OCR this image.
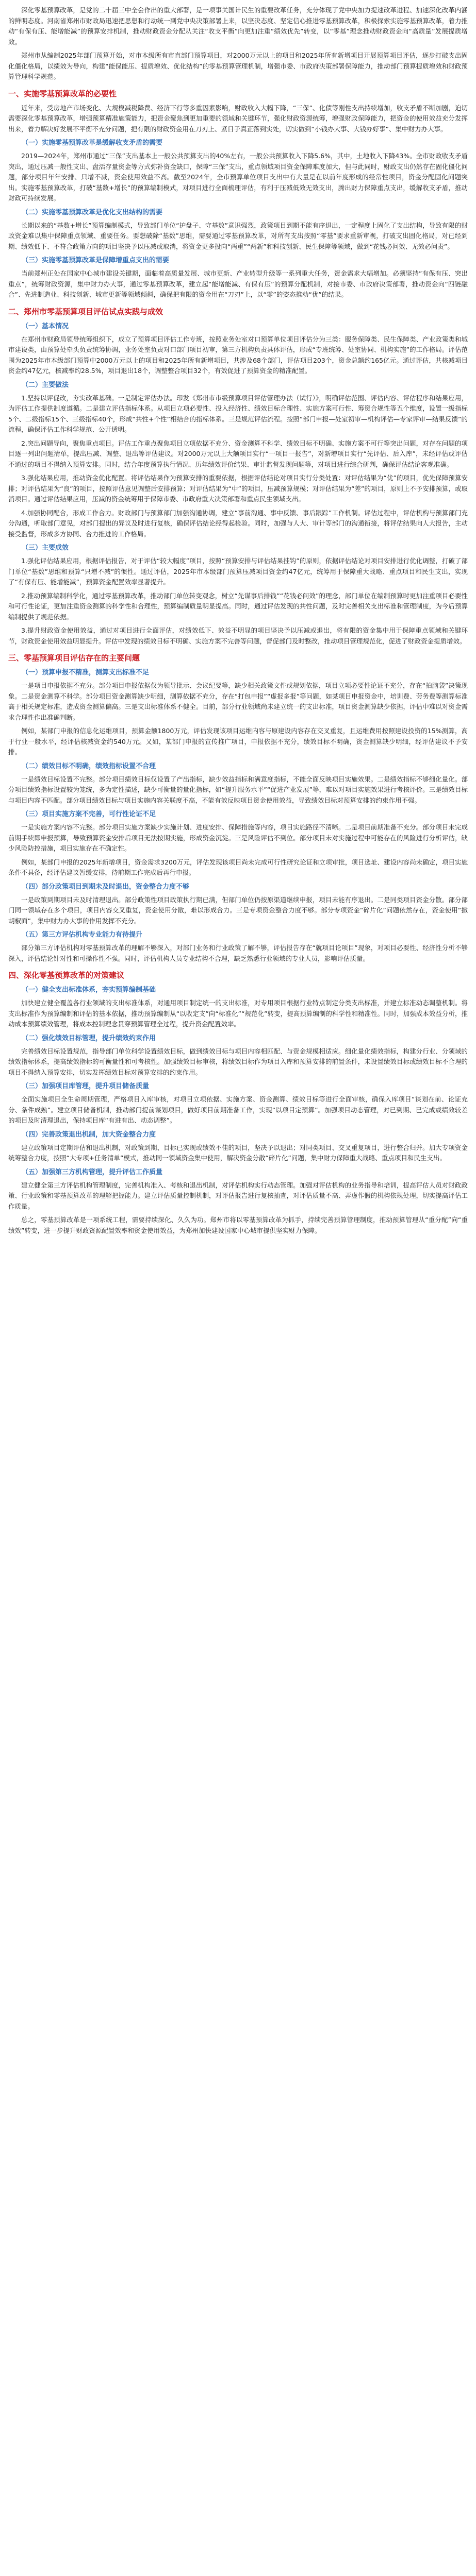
深化零基预算改革，是党的二十届三中全会作出的重大部署，是一项事关国计民生的重要改革任务，充分体现了党中央加力提速改革进程、加速深化改革内涵的鲜明态度。河南省郑州市财政局迅速把思想和行动统一到党中央决策部署上来，以坚决态度、坚定信心推进零基预算改革，积极探索实施零基预算改革，着力推动“有保有压、能增能减”的预算安排机制，推动财政资金分配从关注“收支平衡”向更加注重“绩效优先”转变，以“零基”理念推动财政资金向“高质量”发展提质增效。

郑州市从编制2025年部门预算开始，对市本级所有市直部门预算项目，对2000万元以上的项目和2025年所有新增项目开展预算项目评估，逐步打破支出固化僵化格局，以绩效为导向，构建“能保能压、提质增效、优化结构”的零基预算管理机制，增强市委、市政府决策部署保障能力，推动部门预算提质增效和财政预算管理科学规范。

一、实施零基预算改革的必要性

近年来，受房地产市场变化、大规模减税降费、经济下行等多重因素影响，财政收入大幅下降，“三保”、化债等刚性支出持续增加，收支矛盾不断加剧，迫切需要深化零基预算改革，增强预算精准施策能力，把资金聚焦到更加重要的领域和关键环节，强化财政资源统筹，增强财政保障能力，把资金的使用效益充分发挥出来，着力解决好发展不平衡不充分问题，把有限的财政资金用在刀刃上、紧日子真正落到实处，切实做到“小钱办大事、大钱办好事”、集中财力办大事。

（一）实施零基预算改革是缓解收支矛盾的需要

2019—2024年，郑州市通过“三保”支出基本上一般公共预算支出的40%左右，一般公共预算收入下降5.6%，其中，土地收入下降43%。全市财政收支矛盾突出，通过压减一般性支出、盘活存量资金等方式弥补资金缺口，保障“三保”支出，重点领域项目资金保障难度加大，但与此同时，财政支出仍然存在固化僵化问题，部分项目年年安排、只增不减，资金使用效益不高。截至2024年，全市预算单位项目支出中有大量是在以前年度形成的经常性项目，资金分配固化问题突出。实施零基预算改革，打破“基数+增长”的预算编制模式，对项目进行全面梳理评估，有利于压减低效无效支出，腾出财力保障重点支出，缓解收支矛盾，推动财政可持续发展。

（二）实施零基预算改革是优化支出结构的需要

长期以来的“基数+增长”预算编制模式，导致部门单位“护盘子、守基数”意识强烈，政策项目到期不能有序退出，一定程度上固化了支出结构，导致有限的财政资金难以集中保障重点领域、重要任务。要想破除“基数”思维，需要通过零基预算改革，对所有支出按照“零基”要求重新审视，打破支出固化格局，对已经到期、绩效低下、不符合政策方向的项目坚决予以压减或取消，将资金更多投向“两重”“两新”和科技创新、民生保障等领域，做到“花钱必问效、无效必问责”。

（三）实施零基预算改革是保障增重点支出的需要

当前郑州正处在国家中心城市建设关键期，面临着高质量发展、城市更新、产业转型升级等一系列重大任务，资金需求大幅增加。必须坚持“有保有压、突出重点”，统筹财政资源，集中财力办大事，通过零基预算改革，建立起“能增能减、有保有压”的预算分配机制，对接市委、市政府决策部署，推动资金向“四链融合”、先进制造业、科技创新、城市更新等领域倾斜，确保把有限的资金用在“刀刃”上，以“零”的姿态推动“优”的结果。

二、郑州市零基预算项目评估试点实践与成效
（一）基本情况

在郑州市财政局领导统筹组织下，成立了预算项目评估工作专班，按照业务处室对口预算单位项目评估分为三类：服务保障类、民生保障类、产业政策类和城市建设类，由预算处牵头负责统筹协调，业务处室负责对口部门项目初审，第三方机构负责具体评估，形成“专班统筹、处室协同、机构实施”的工作格局。评估范围为2025年市本级部门预算中2000万元以上的项目和2025年所有新增项目，共涉及68个部门，评估项目203个，资金总额约165亿元。通过评估，共核减项目资金约47亿元，核减率约28.5%，项目退出18个，调整整合项目32个，有效促进了预算资金的精准配置。

（二）主要做法

1.坚持以评促改，夯实改革基础。一是制定评估办法。印发《郑州市市级预算项目评估管理办法（试行）》，明确评估范围、评估内容、评估程序和结果应用，为评估工作提供制度遵循。二是建立评估指标体系。从项目立项必要性、投入经济性、绩效目标合理性、实施方案可行性、筹资合规性等五个维度，设置一级指标5个、二级指标15个、三级指标40个，形成“共性+个性”相结合的指标体系。三是规范评估流程。按照“部门申报—处室初审—机构评估—专家评审—结果反馈”的流程，确保评估工作科学规范、公开透明。

2.突出问题导向，聚焦重点项目。评估工作重点聚焦项目立项依据不充分、资金测算不科学、绩效目标不明确、实施方案不可行等突出问题，对存在问题的项目逐一列出问题清单，提出压减、调整、退出等评估建议。对2000万元以上大额项目实行“一项目一报告”，对新增项目实行“先评估、后入库”，未经评估或评估不通过的项目不得纳入预算安排。同时，结合年度预算执行情况、历年绩效评价结果、审计监督发现问题等，对项目进行综合研判，确保评估结论客观准确。

3.强化结果应用，推动资金优化配置。将评估结果作为预算安排的重要依据，根据评估结论对项目实行分类处置：对评估结果为“优”的项目，优先保障预算安排；对评估结果为“良”的项目，按照评估意见调整后安排预算；对评估结果为“中”的项目，压减预算规模；对评估结果为“差”的项目，原则上不予安排预算，或取消项目。通过评估结果应用，压减的资金统筹用于保障市委、市政府重大决策部署和重点民生领域支出。

4.加强协同配合，形成工作合力。财政部门与预算部门加强沟通协调，建立“事前沟通、事中反馈、事后跟踪”工作机制。评估过程中，评估机构与预算部门充分沟通，听取部门意见，对部门提出的异议及时进行复核，确保评估结论经得起检验。同时，加强与人大、审计等部门的沟通衔接，将评估结果向人大报告，主动接受监督，形成多方协同、合力推进的工作格局。

（三）主要成效

1.强化评估结果应用，根据评估报告，对于评估“较大幅度”项目，按照“预算安排与评估结果挂钩”的原则，依据评估结论对项目安排进行优化调整，打破了部门单位“基数”思维和预算“只增不减”的惯性。通过评估，2025年市本级部门预算压减项目资金约47亿元，统筹用于保障重大战略、重点项目和民生支出，实现了“有保有压、能增能减”，预算资金配置效率显著提升。

2.推动预算编制科学化，通过零基预算改革，推动部门单位转变观念，树立“先谋事后排钱”“花钱必问效”的理念，部门单位在编制预算时更加注重项目必要性和可行性论证，更加注重资金测算的科学性和合理性，预算编制质量明显提高。同时，通过评估发现的共性问题，及时完善相关支出标准和管理制度，为今后预算编制提供了规范依据。

3.提升财政资金使用效益，通过对项目进行全面评估，对绩效低下、效益不明显的项目坚决予以压减或退出，将有限的资金集中用于保障重点领域和关键环节，财政资金使用效益明显提升。评估中发现的绩效目标不明确、实施方案不完善等问题，督促部门及时整改，推动项目管理规范化，促进了财政资金提质增效。

三、零基预算项目评估存在的主要问题
（一）预算申报不精准，测算支出标准不足

一是项目申报依据不充分。部分项目申报依据仅为领导批示、会议纪要等，缺少相关政策文件或规划依据，项目立项必要性论证不充分，存在“拍脑袋”决策现象。二是资金测算不科学。部分项目资金测算缺少明细，测算依据不充分，存在“打包申报”“虚报多报”等问题，如某项目申报资金中，培训费、劳务费等测算标准高于相关规定标准，造成资金测算偏高。三是支出标准体系不健全。目前，部分行业领域尚未建立统一的支出标准，项目资金测算缺少依据，评估中难以对资金需求合理性作出准确判断。

例如，某部门申报的信息化运维项目，预算金额1800万元，评估发现该项目运维内容与原建设内容存在交叉重复，且运维费用按照建设投资的15%测算，高于行业一般水平，经评估核减资金约540万元。又如，某部门申报的宣传推广项目，申报依据不充分，绩效目标不明确，资金测算缺少明细，经评估建议不予安排。

（二）绩效目标不明确，绩效指标设置不合理

一是绩效目标设置不完整。部分项目绩效目标仅设置了产出指标，缺少效益指标和满意度指标，不能全面反映项目实施效果。二是绩效指标不够细化量化。部分项目绩效指标设置较为笼统，多为定性描述，缺少可衡量的量化指标，如“提升服务水平”“促进产业发展”等，难以对项目实施效果进行考核评价。三是绩效目标与项目内容不匹配。部分项目绩效目标与项目实施内容关联度不高，不能有效反映项目资金使用效益，导致绩效目标对预算安排的约束作用不强。

（三）项目实施方案不完善，可行性论证不足

一是实施方案内容不完整。部分项目实施方案缺少实施计划、进度安排、保障措施等内容，项目实施路径不清晰。二是项目前期准备不充分。部分项目未完成前期手续即申报预算，导致预算资金安排后项目无法按期实施，形成资金沉淀。三是风险评估不到位。部分项目未对实施过程中可能存在的风险进行分析评估，缺少风险防控措施，项目实施存在不确定性。

例如，某部门申报的2025年新增项目，资金需求3200万元，评估发现该项目尚未完成可行性研究论证和立项审批，项目选址、建设内容尚未确定，项目实施条件不具备，经评估建议暂缓安排，待前期工作完成后再行申报。

（四）部分政策项目到期未及时退出，资金整合力度不够

一是政策到期项目未及时清理退出。部分政策性项目政策执行期已满，但部门单位仍按原渠道继续申报，项目未能有序退出。二是同类项目资金分散。部分部门同一领域存在多个项目，项目内容交叉重复，资金使用分散，难以形成合力。三是专项资金整合力度不够。部分专项资金“碎片化”问题依然存在，资金使用“撒胡椒面”，集中财力办大事的作用发挥不充分。

（五）第三方评估机构专业能力有待提升

部分第三方评估机构对零基预算改革的理解不够深入，对部门业务和行业政策了解不够，评估报告存在“就项目论项目”现象，对项目必要性、经济性分析不够深入，评估结论针对性和可操作性不强。同时，评估机构人员专业结构不合理，缺乏熟悉行业领域的专业人员，影响评估质量。

四、深化零基预算改革的对策建议
（一）健全支出标准体系，夯实预算编制基础

加快建立健全覆盖各行业领域的支出标准体系，对通用项目制定统一的支出标准，对专用项目根据行业特点制定分类支出标准，并建立标准动态调整机制。将支出标准作为预算编制和评估的基本依据，推动预算编制从“以收定支”向“标准化”“规范化”转变，提高预算编制的科学性和精准性。同时，加强成本效益分析，推动成本预算绩效管理，将成本控制理念贯穿预算管理全过程，提升资金配置效率。

（二）强化绩效目标管理，提升绩效约束作用

完善绩效目标设置规范，指导部门单位科学设置绩效目标，做到绩效目标与项目内容相匹配、与资金规模相适应。细化量化绩效指标，构建分行业、分领域的绩效指标体系，提高绩效指标的可衡量性和可考核性。加强绩效目标审核，将绩效目标作为项目入库和预算安排的前置条件，未设置绩效目标或绩效目标不合理的项目不得纳入预算安排，切实发挥绩效目标对预算安排的约束作用。

（三）加强项目库管理，提升项目储备质量

全面实施项目全生命周期管理，严格项目入库审核，对项目立项依据、实施方案、资金测算、绩效目标等进行全面审核，确保入库项目“谋划在前、论证充分、条件成熟”。建立项目储备机制，推动部门提前谋划项目，做好项目前期准备工作，实现“以项目定预算”。加强项目动态管理，对已到期、已完成或绩效较差的项目及时清理退出，保持项目库“有进有出、动态调整”。

（四）完善政策退出机制，加大资金整合力度

建立政策项目定期评估和退出机制，对政策到期、目标已实现或绩效不佳的项目，坚决予以退出；对同类项目、交叉重复项目，进行整合归并。加大专项资金统筹整合力度，按照“大专项+任务清单”模式，推动同一领域资金集中使用，解决资金分散“碎片化”问题，集中财力保障重大战略、重点项目和民生支出。

（五）加强第三方机构管理，提升评估工作质量

建立健全第三方评估机构管理制度，完善机构准入、考核和退出机制，对评估机构实行动态管理。加强对评估机构的业务指导和培训，提高评估人员对财政政策、行业政策和零基预算改革的理解把握能力。建立评估质量控制机制，对评估报告进行复核抽查，对评估质量不高、弄虚作假的机构依规处理，切实提高评估工作质量。

总之，零基预算改革是一项系统工程，需要持续深化、久久为功。郑州市将以零基预算改革为抓手，持续完善预算管理制度，推动预算管理从“重分配”向“重绩效”转变，进一步提升财政资源配置效率和资金使用效益，为郑州加快建设国家中心城市提供坚实财力保障。
